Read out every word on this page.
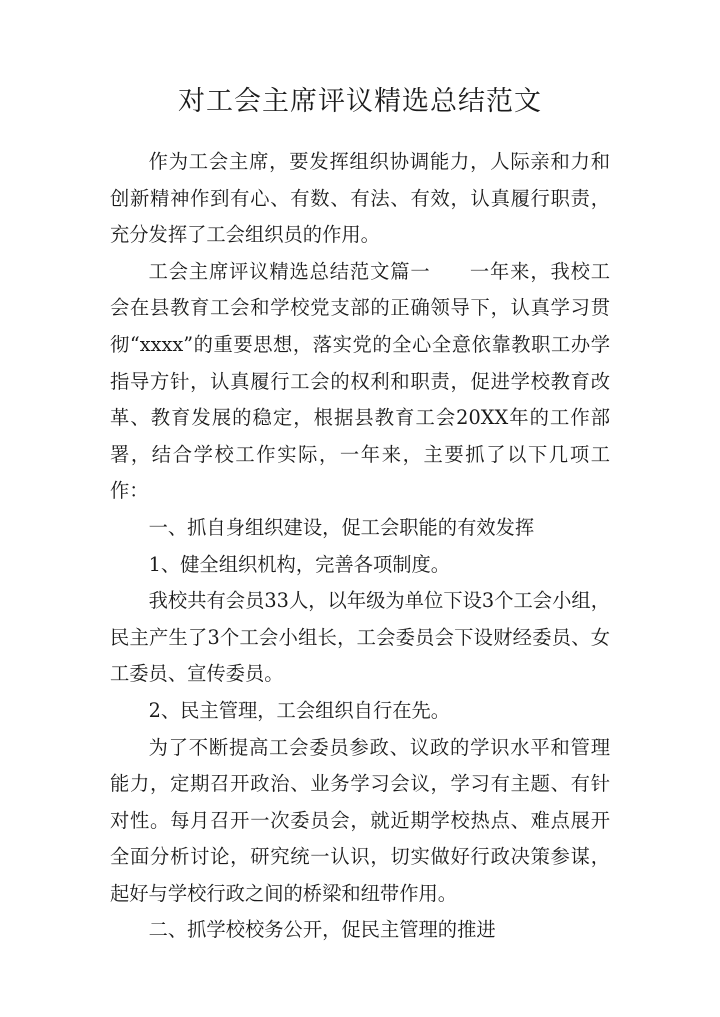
对工会主席评议精选总结范文

作为工会主席，要发挥组织协调能力，人际亲和力和创新精神作到有心、有数、有法、有效，认真履行职责，充分发挥了工会组织员的作用。

工会主席评议精选总结范文篇一 一年来，我校工会在县教育工会和学校党支部的正确领导下，认真学习贯彻“xxxx”的重要思想，落实党的全心全意依靠教职工办学指导方针，认真履行工会的权利和职责，促进学校教育改革、教育发展的稳定，根据县教育工会20XX年的工作部署，结合学校工作实际，一年来，主要抓了以下几项工作：

一、抓自身组织建设，促工会职能的有效发挥

1、健全组织机构，完善各项制度。

我校共有会员33人，以年级为单位下设3个工会小组，民主产生了3个工会小组长，工会委员会下设财经委员、女工委员、宣传委员。

2、民主管理，工会组织自行在先。

为了不断提高工会委员参政、议政的学识水平和管理能力，定期召开政治、业务学习会议，学习有主题、有针对性。每月召开一次委员会，就近期学校热点、难点展开全面分析讨论，研究统一认识，切实做好行政决策参谋，起好与学校行政之间的桥梁和纽带作用。

二、抓学校校务公开，促民主管理的推进
